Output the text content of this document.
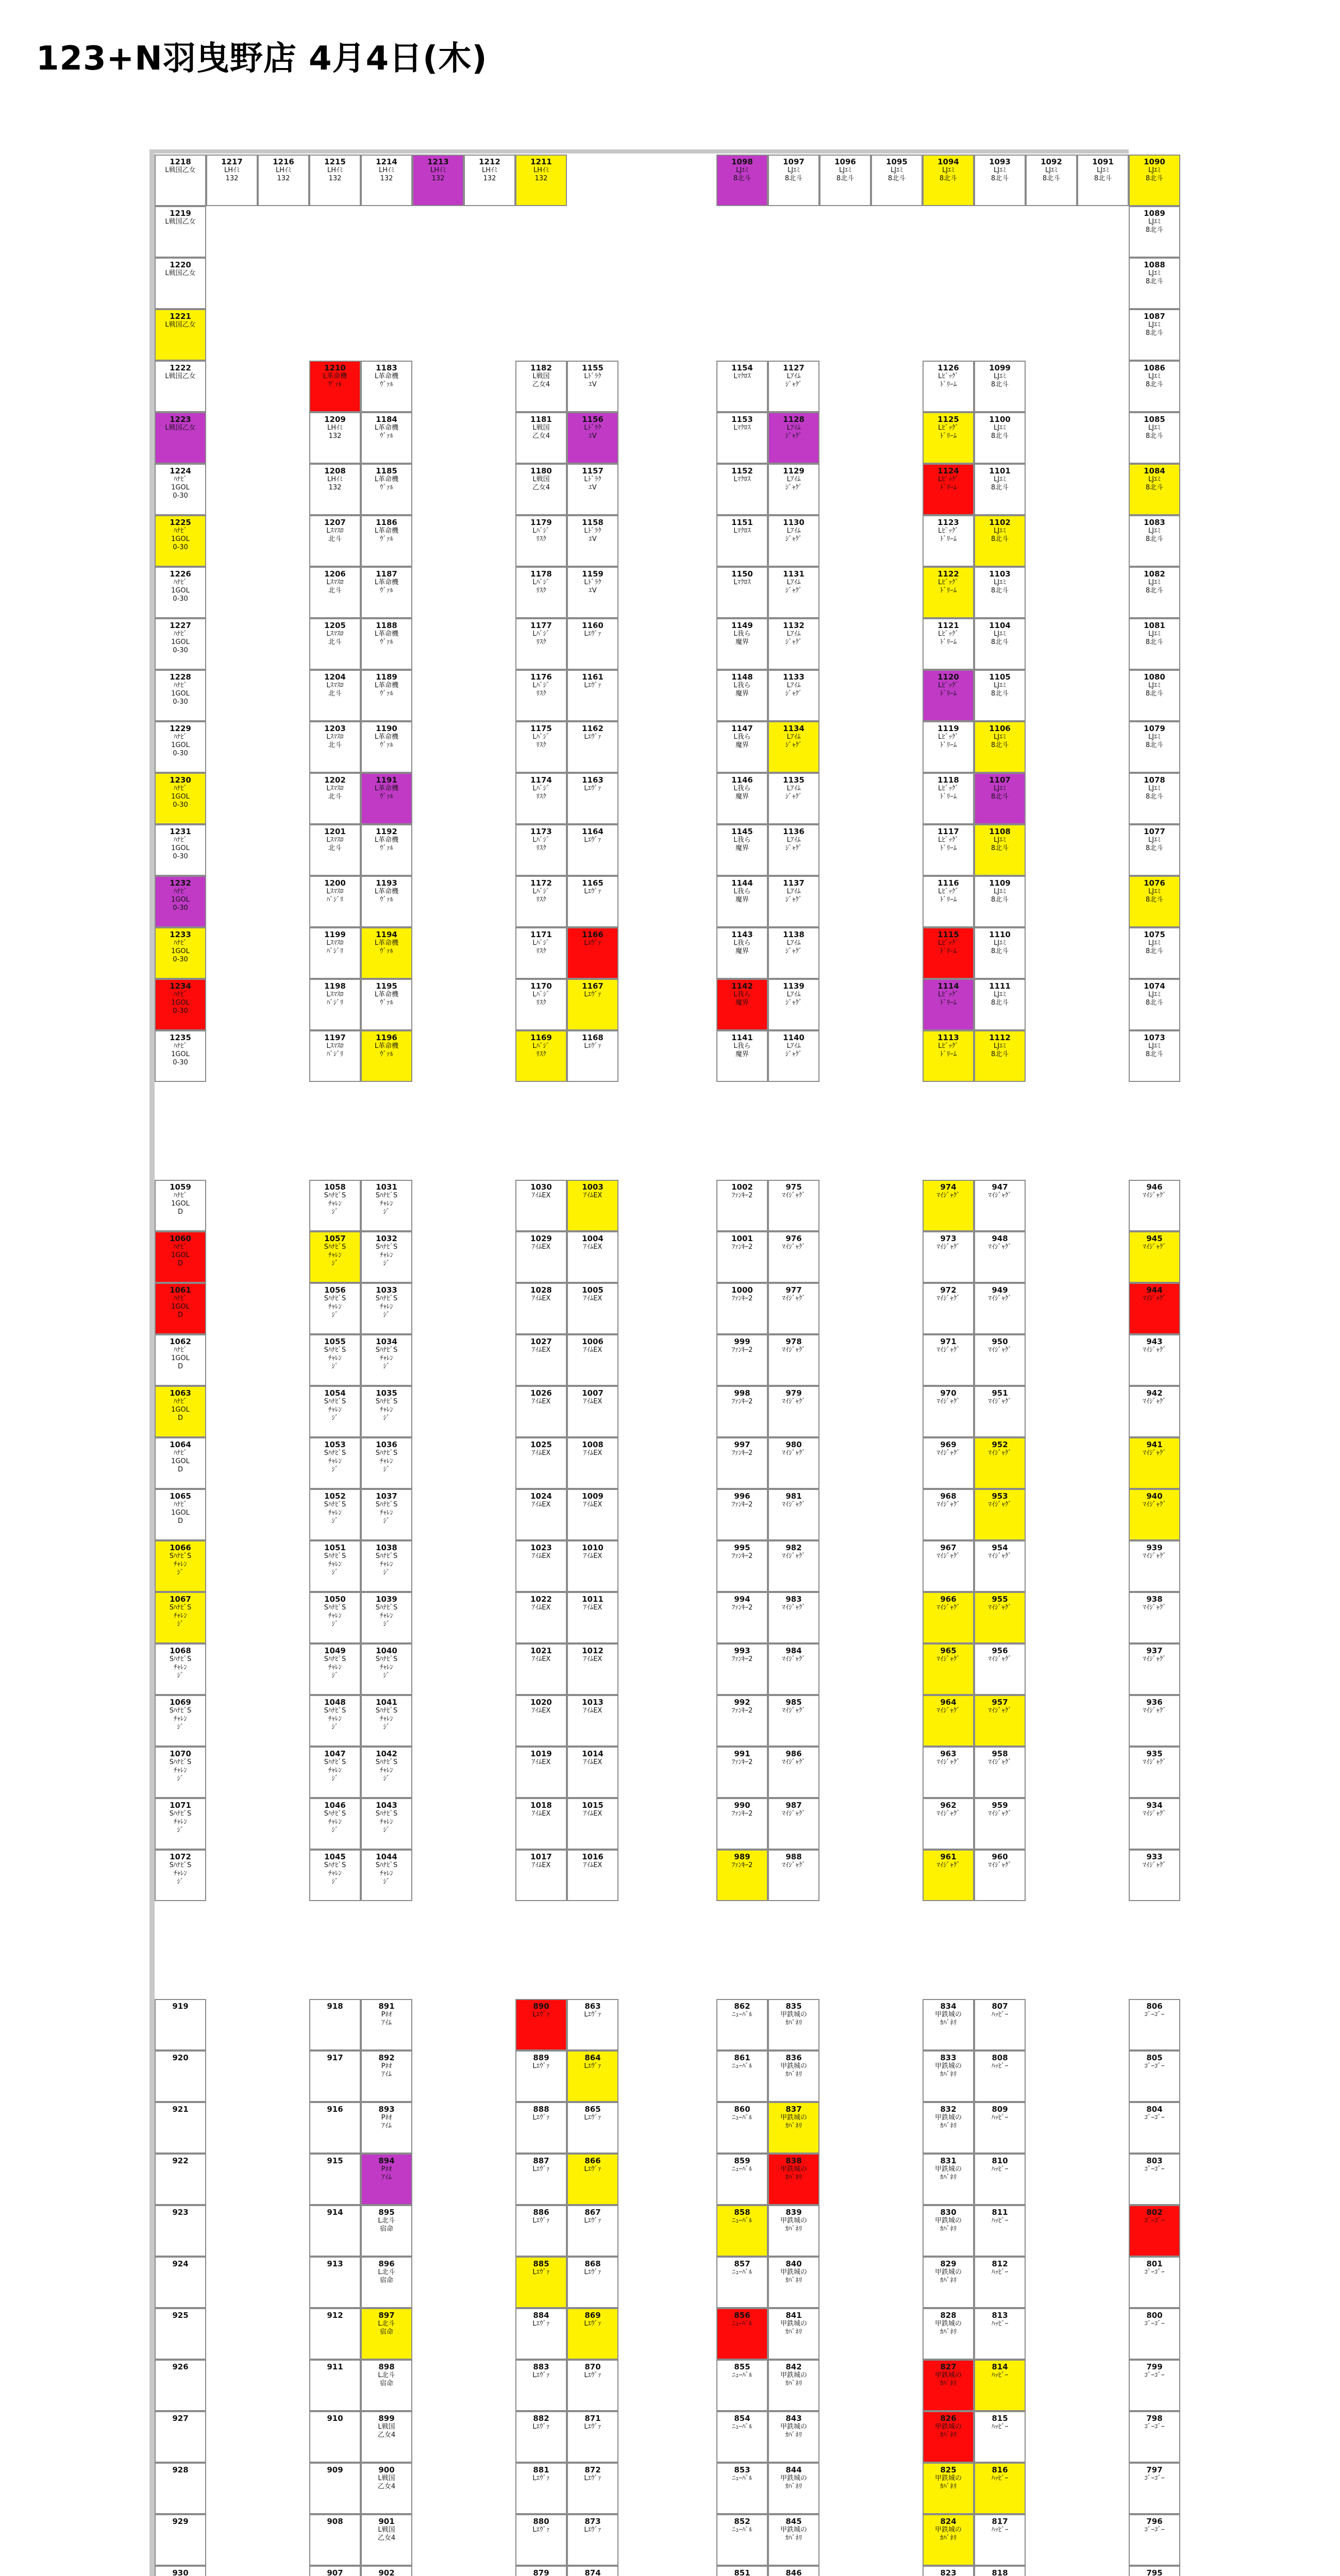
123+N羽曳野店 4月4日(木)
1218
L戦国乙女
1217
LHｲﾐ
132
1216
LHｲﾐ
132
1215
LHｲﾐ
132
1214
LHｲﾐ
132
1213
LHｲﾐ
132
1212
LHｲﾐ
132
1211
LHｲﾐ
132
1098
LJｴﾐ
8北斗
1097
LJｴﾐ
8北斗
1096
LJｴﾐ
8北斗
1095
LJｴﾐ
8北斗
1094
LJｴﾐ
8北斗
1093
LJｴﾐ
8北斗
1092
LJｴﾐ
8北斗
1091
LJｴﾐ
8北斗
1090
LJｴﾐ
8北斗
1219
L戦国乙女
1220
L戦国乙女
1221
L戦国乙女
1222
L戦国乙女
1223
L戦国乙女
1224
ﾊﾅﾋﾞ
1GOL
0-30
1225
ﾊﾅﾋﾞ
1GOL
0-30
1226
ﾊﾅﾋﾞ
1GOL
0-30
1227
ﾊﾅﾋﾞ
1GOL
0-30
1228
ﾊﾅﾋﾞ
1GOL
0-30
1229
ﾊﾅﾋﾞ
1GOL
0-30
1230
ﾊﾅﾋﾞ
1GOL
0-30
1231
ﾊﾅﾋﾞ
1GOL
0-30
1232
ﾊﾅﾋﾞ
1GOL
0-30
1233
ﾊﾅﾋﾞ
1GOL
0-30
1234
ﾊﾅﾋﾞ
1GOL
0-30
1235
ﾊﾅﾋﾞ
1GOL
0-30
1089
LJｴﾐ
8北斗
1088
LJｴﾐ
8北斗
1087
LJｴﾐ
8北斗
1086
LJｴﾐ
8北斗
1085
LJｴﾐ
8北斗
1084
LJｴﾐ
8北斗
1083
LJｴﾐ
8北斗
1082
LJｴﾐ
8北斗
1081
LJｴﾐ
8北斗
1080
LJｴﾐ
8北斗
1079
LJｴﾐ
8北斗
1078
LJｴﾐ
8北斗
1077
LJｴﾐ
8北斗
1076
LJｴﾐ
8北斗
1075
LJｴﾐ
8北斗
1074
LJｴﾐ
8北斗
1073
LJｴﾐ
8北斗
1210
L革命機
ｳﾞｧﾙ
1209
LHｲﾐ
132
1208
LHｲﾐ
132
1207
Lｽﾏｽﾛ
北斗
1206
Lｽﾏｽﾛ
北斗
1205
Lｽﾏｽﾛ
北斗
1204
Lｽﾏｽﾛ
北斗
1203
Lｽﾏｽﾛ
北斗
1202
Lｽﾏｽﾛ
北斗
1201
Lｽﾏｽﾛ
北斗
1200
Lｽﾏｽﾛ
ﾊﾞｼﾞﾘ
1199
Lｽﾏｽﾛ
ﾊﾞｼﾞﾘ
1198
Lｽﾏｽﾛ
ﾊﾞｼﾞﾘ
1197
Lｽﾏｽﾛ
ﾊﾞｼﾞﾘ
1183
L革命機
ｳﾞｧﾙ
1184
L革命機
ｳﾞｧﾙ
1185
L革命機
ｳﾞｧﾙ
1186
L革命機
ｳﾞｧﾙ
1187
L革命機
ｳﾞｧﾙ
1188
L革命機
ｳﾞｧﾙ
1189
L革命機
ｳﾞｧﾙ
1190
L革命機
ｳﾞｧﾙ
1191
L革命機
ｳﾞｧﾙ
1192
L革命機
ｳﾞｧﾙ
1193
L革命機
ｳﾞｧﾙ
1194
L革命機
ｳﾞｧﾙ
1195
L革命機
ｳﾞｧﾙ
1196
L革命機
ｳﾞｧﾙ
1182
L戦国
乙女4
1181
L戦国
乙女4
1180
L戦国
乙女4
1179
Lﾊﾞｼﾞ
ﾘｽｸ
1178
Lﾊﾞｼﾞ
ﾘｽｸ
1177
Lﾊﾞｼﾞ
ﾘｽｸ
1176
Lﾊﾞｼﾞ
ﾘｽｸ
1175
Lﾊﾞｼﾞ
ﾘｽｸ
1174
Lﾊﾞｼﾞ
ﾘｽｸ
1173
Lﾊﾞｼﾞ
ﾘｽｸ
1172
Lﾊﾞｼﾞ
ﾘｽｸ
1171
Lﾊﾞｼﾞ
ﾘｽｸ
1170
Lﾊﾞｼﾞ
ﾘｽｸ
1169
Lﾊﾞｼﾞ
ﾘｽｸ
1155
Lﾄﾞﾗｸ
ｴV
1156
Lﾄﾞﾗｸ
ｴV
1157
Lﾄﾞﾗｸ
ｴV
1158
Lﾄﾞﾗｸ
ｴV
1159
Lﾄﾞﾗｸ
ｴV
1160
Lｴｳﾞｧ
1161
Lｴｳﾞｧ
1162
Lｴｳﾞｧ
1163
Lｴｳﾞｧ
1164
Lｴｳﾞｧ
1165
Lｴｳﾞｧ
1166
Lｴｳﾞｧ
1167
Lｴｳﾞｧ
1168
Lｴｳﾞｧ
1154
Lﾏｸﾛｽ
1153
Lﾏｸﾛｽ
1152
Lﾏｸﾛｽ
1151
Lﾏｸﾛｽ
1150
Lﾏｸﾛｽ
1149
L我ら
魔界
1148
L我ら
魔界
1147
L我ら
魔界
1146
L我ら
魔界
1145
L我ら
魔界
1144
L我ら
魔界
1143
L我ら
魔界
1142
L我ら
魔界
1141
L我ら
魔界
1127
Lｱｲﾑ
ｼﾞｬｸﾞ
1128
Lｱｲﾑ
ｼﾞｬｸﾞ
1129
Lｱｲﾑ
ｼﾞｬｸﾞ
1130
Lｱｲﾑ
ｼﾞｬｸﾞ
1131
Lｱｲﾑ
ｼﾞｬｸﾞ
1132
Lｱｲﾑ
ｼﾞｬｸﾞ
1133
Lｱｲﾑ
ｼﾞｬｸﾞ
1134
Lｱｲﾑ
ｼﾞｬｸﾞ
1135
Lｱｲﾑ
ｼﾞｬｸﾞ
1136
Lｱｲﾑ
ｼﾞｬｸﾞ
1137
Lｱｲﾑ
ｼﾞｬｸﾞ
1138
Lｱｲﾑ
ｼﾞｬｸﾞ
1139
Lｱｲﾑ
ｼﾞｬｸﾞ
1140
Lｱｲﾑ
ｼﾞｬｸﾞ
1126
Lﾋﾞｯｸﾞ
ﾄﾞﾘｰﾑ
1125
Lﾋﾞｯｸﾞ
ﾄﾞﾘｰﾑ
1124
Lﾋﾞｯｸﾞ
ﾄﾞﾘｰﾑ
1123
Lﾋﾞｯｸﾞ
ﾄﾞﾘｰﾑ
1122
Lﾋﾞｯｸﾞ
ﾄﾞﾘｰﾑ
1121
Lﾋﾞｯｸﾞ
ﾄﾞﾘｰﾑ
1120
Lﾋﾞｯｸﾞ
ﾄﾞﾘｰﾑ
1119
Lﾋﾞｯｸﾞ
ﾄﾞﾘｰﾑ
1118
Lﾋﾞｯｸﾞ
ﾄﾞﾘｰﾑ
1117
Lﾋﾞｯｸﾞ
ﾄﾞﾘｰﾑ
1116
Lﾋﾞｯｸﾞ
ﾄﾞﾘｰﾑ
1115
Lﾋﾞｯｸﾞ
ﾄﾞﾘｰﾑ
1114
Lﾋﾞｯｸﾞ
ﾄﾞﾘｰﾑ
1113
Lﾋﾞｯｸﾞ
ﾄﾞﾘｰﾑ
1099
LJｴﾐ
8北斗
1100
LJｴﾐ
8北斗
1101
LJｴﾐ
8北斗
1102
LJｴﾐ
8北斗
1103
LJｴﾐ
8北斗
1104
LJｴﾐ
8北斗
1105
LJｴﾐ
8北斗
1106
LJｴﾐ
8北斗
1107
LJｴﾐ
8北斗
1108
LJｴﾐ
8北斗
1109
LJｴﾐ
8北斗
1110
LJｴﾐ
8北斗
1111
LJｴﾐ
8北斗
1112
LJｴﾐ
8北斗
1059
ﾊﾅﾋﾞ
1GOL
D
1060
ﾊﾅﾋﾞ
1GOL
D
1061
ﾊﾅﾋﾞ
1GOL
D
1062
ﾊﾅﾋﾞ
1GOL
D
1063
ﾊﾅﾋﾞ
1GOL
D
1064
ﾊﾅﾋﾞ
1GOL
D
1065
ﾊﾅﾋﾞ
1GOL
D
1066
SﾊﾅﾋﾞS
ﾁｬﾚﾝ
ｼﾞ
1067
SﾊﾅﾋﾞS
ﾁｬﾚﾝ
ｼﾞ
1068
SﾊﾅﾋﾞS
ﾁｬﾚﾝ
ｼﾞ
1069
SﾊﾅﾋﾞS
ﾁｬﾚﾝ
ｼﾞ
1070
SﾊﾅﾋﾞS
ﾁｬﾚﾝ
ｼﾞ
1071
SﾊﾅﾋﾞS
ﾁｬﾚﾝ
ｼﾞ
1072
SﾊﾅﾋﾞS
ﾁｬﾚﾝ
ｼﾞ
1058
SﾊﾅﾋﾞS
ﾁｬﾚﾝ
ｼﾞ
1057
SﾊﾅﾋﾞS
ﾁｬﾚﾝ
ｼﾞ
1056
SﾊﾅﾋﾞS
ﾁｬﾚﾝ
ｼﾞ
1055
SﾊﾅﾋﾞS
ﾁｬﾚﾝ
ｼﾞ
1054
SﾊﾅﾋﾞS
ﾁｬﾚﾝ
ｼﾞ
1053
SﾊﾅﾋﾞS
ﾁｬﾚﾝ
ｼﾞ
1052
SﾊﾅﾋﾞS
ﾁｬﾚﾝ
ｼﾞ
1051
SﾊﾅﾋﾞS
ﾁｬﾚﾝ
ｼﾞ
1050
SﾊﾅﾋﾞS
ﾁｬﾚﾝ
ｼﾞ
1049
SﾊﾅﾋﾞS
ﾁｬﾚﾝ
ｼﾞ
1048
SﾊﾅﾋﾞS
ﾁｬﾚﾝ
ｼﾞ
1047
SﾊﾅﾋﾞS
ﾁｬﾚﾝ
ｼﾞ
1046
SﾊﾅﾋﾞS
ﾁｬﾚﾝ
ｼﾞ
1045
SﾊﾅﾋﾞS
ﾁｬﾚﾝ
ｼﾞ
1031
SﾊﾅﾋﾞS
ﾁｬﾚﾝ
ｼﾞ
1032
SﾊﾅﾋﾞS
ﾁｬﾚﾝ
ｼﾞ
1033
SﾊﾅﾋﾞS
ﾁｬﾚﾝ
ｼﾞ
1034
SﾊﾅﾋﾞS
ﾁｬﾚﾝ
ｼﾞ
1035
SﾊﾅﾋﾞS
ﾁｬﾚﾝ
ｼﾞ
1036
SﾊﾅﾋﾞS
ﾁｬﾚﾝ
ｼﾞ
1037
SﾊﾅﾋﾞS
ﾁｬﾚﾝ
ｼﾞ
1038
SﾊﾅﾋﾞS
ﾁｬﾚﾝ
ｼﾞ
1039
SﾊﾅﾋﾞS
ﾁｬﾚﾝ
ｼﾞ
1040
SﾊﾅﾋﾞS
ﾁｬﾚﾝ
ｼﾞ
1041
SﾊﾅﾋﾞS
ﾁｬﾚﾝ
ｼﾞ
1042
SﾊﾅﾋﾞS
ﾁｬﾚﾝ
ｼﾞ
1043
SﾊﾅﾋﾞS
ﾁｬﾚﾝ
ｼﾞ
1044
SﾊﾅﾋﾞS
ﾁｬﾚﾝ
ｼﾞ
1030
ｱｲﾑEX
1029
ｱｲﾑEX
1028
ｱｲﾑEX
1027
ｱｲﾑEX
1026
ｱｲﾑEX
1025
ｱｲﾑEX
1024
ｱｲﾑEX
1023
ｱｲﾑEX
1022
ｱｲﾑEX
1021
ｱｲﾑEX
1020
ｱｲﾑEX
1019
ｱｲﾑEX
1018
ｱｲﾑEX
1017
ｱｲﾑEX
1003
ｱｲﾑEX
1004
ｱｲﾑEX
1005
ｱｲﾑEX
1006
ｱｲﾑEX
1007
ｱｲﾑEX
1008
ｱｲﾑEX
1009
ｱｲﾑEX
1010
ｱｲﾑEX
1011
ｱｲﾑEX
1012
ｱｲﾑEX
1013
ｱｲﾑEX
1014
ｱｲﾑEX
1015
ｱｲﾑEX
1016
ｱｲﾑEX
1002
ﾌｧﾝｷｰ2
1001
ﾌｧﾝｷｰ2
1000
ﾌｧﾝｷｰ2
999
ﾌｧﾝｷｰ2
998
ﾌｧﾝｷｰ2
997
ﾌｧﾝｷｰ2
996
ﾌｧﾝｷｰ2
995
ﾌｧﾝｷｰ2
994
ﾌｧﾝｷｰ2
993
ﾌｧﾝｷｰ2
992
ﾌｧﾝｷｰ2
991
ﾌｧﾝｷｰ2
990
ﾌｧﾝｷｰ2
989
ﾌｧﾝｷｰ2
975
ﾏｲｼﾞｬｸﾞ
976
ﾏｲｼﾞｬｸﾞ
977
ﾏｲｼﾞｬｸﾞ
978
ﾏｲｼﾞｬｸﾞ
979
ﾏｲｼﾞｬｸﾞ
980
ﾏｲｼﾞｬｸﾞ
981
ﾏｲｼﾞｬｸﾞ
982
ﾏｲｼﾞｬｸﾞ
983
ﾏｲｼﾞｬｸﾞ
984
ﾏｲｼﾞｬｸﾞ
985
ﾏｲｼﾞｬｸﾞ
986
ﾏｲｼﾞｬｸﾞ
987
ﾏｲｼﾞｬｸﾞ
988
ﾏｲｼﾞｬｸﾞ
974
ﾏｲｼﾞｬｸﾞ
973
ﾏｲｼﾞｬｸﾞ
972
ﾏｲｼﾞｬｸﾞ
971
ﾏｲｼﾞｬｸﾞ
970
ﾏｲｼﾞｬｸﾞ
969
ﾏｲｼﾞｬｸﾞ
968
ﾏｲｼﾞｬｸﾞ
967
ﾏｲｼﾞｬｸﾞ
966
ﾏｲｼﾞｬｸﾞ
965
ﾏｲｼﾞｬｸﾞ
964
ﾏｲｼﾞｬｸﾞ
963
ﾏｲｼﾞｬｸﾞ
962
ﾏｲｼﾞｬｸﾞ
961
ﾏｲｼﾞｬｸﾞ
947
ﾏｲｼﾞｬｸﾞ
948
ﾏｲｼﾞｬｸﾞ
949
ﾏｲｼﾞｬｸﾞ
950
ﾏｲｼﾞｬｸﾞ
951
ﾏｲｼﾞｬｸﾞ
952
ﾏｲｼﾞｬｸﾞ
953
ﾏｲｼﾞｬｸﾞ
954
ﾏｲｼﾞｬｸﾞ
955
ﾏｲｼﾞｬｸﾞ
956
ﾏｲｼﾞｬｸﾞ
957
ﾏｲｼﾞｬｸﾞ
958
ﾏｲｼﾞｬｸﾞ
959
ﾏｲｼﾞｬｸﾞ
960
ﾏｲｼﾞｬｸﾞ
946
ﾏｲｼﾞｬｸﾞ
945
ﾏｲｼﾞｬｸﾞ
944
ﾏｲｼﾞｬｸﾞ
943
ﾏｲｼﾞｬｸﾞ
942
ﾏｲｼﾞｬｸﾞ
941
ﾏｲｼﾞｬｸﾞ
940
ﾏｲｼﾞｬｸﾞ
939
ﾏｲｼﾞｬｸﾞ
938
ﾏｲｼﾞｬｸﾞ
937
ﾏｲｼﾞｬｸﾞ
936
ﾏｲｼﾞｬｸﾞ
935
ﾏｲｼﾞｬｸﾞ
934
ﾏｲｼﾞｬｸﾞ
933
ﾏｲｼﾞｬｸﾞ
919
920
921
922
923
924
925
926
927
928
929
930
918
917
916
915
914
913
912
911
910
909
908
907
891
Pﾈｵ
ｱｲﾑ
892
Pﾈｵ
ｱｲﾑ
893
Pﾈｵ
ｱｲﾑ
894
Pﾈｵ
ｱｲﾑ
895
L北斗
宿命
896
L北斗
宿命
897
L北斗
宿命
898
L北斗
宿命
899
L戦国
乙女4
900
L戦国
乙女4
901
L戦国
乙女4
902
890
Lｴｳﾞｧ
889
Lｴｳﾞｧ
888
Lｴｳﾞｧ
887
Lｴｳﾞｧ
886
Lｴｳﾞｧ
885
Lｴｳﾞｧ
884
Lｴｳﾞｧ
883
Lｴｳﾞｧ
882
Lｴｳﾞｧ
881
Lｴｳﾞｧ
880
Lｴｳﾞｧ
879
863
Lｴｳﾞｧ
864
Lｴｳﾞｧ
865
Lｴｳﾞｧ
866
Lｴｳﾞｧ
867
Lｴｳﾞｧ
868
Lｴｳﾞｧ
869
Lｴｳﾞｧ
870
Lｴｳﾞｧ
871
Lｴｳﾞｧ
872
Lｴｳﾞｧ
873
Lｴｳﾞｧ
874
862
ﾆｭｰﾊﾟﾙ
861
ﾆｭｰﾊﾟﾙ
860
ﾆｭｰﾊﾟﾙ
859
ﾆｭｰﾊﾟﾙ
858
ﾆｭｰﾊﾟﾙ
857
ﾆｭｰﾊﾟﾙ
856
ﾆｭｰﾊﾟﾙ
855
ﾆｭｰﾊﾟﾙ
854
ﾆｭｰﾊﾟﾙ
853
ﾆｭｰﾊﾟﾙ
852
ﾆｭｰﾊﾟﾙ
851
835
甲鉄城の
ｶﾊﾞﾈﾘ
836
甲鉄城の
ｶﾊﾞﾈﾘ
837
甲鉄城の
ｶﾊﾞﾈﾘ
838
甲鉄城の
ｶﾊﾞﾈﾘ
839
甲鉄城の
ｶﾊﾞﾈﾘ
840
甲鉄城の
ｶﾊﾞﾈﾘ
841
甲鉄城の
ｶﾊﾞﾈﾘ
842
甲鉄城の
ｶﾊﾞﾈﾘ
843
甲鉄城の
ｶﾊﾞﾈﾘ
844
甲鉄城の
ｶﾊﾞﾈﾘ
845
甲鉄城の
ｶﾊﾞﾈﾘ
846
834
甲鉄城の
ｶﾊﾞﾈﾘ
833
甲鉄城の
ｶﾊﾞﾈﾘ
832
甲鉄城の
ｶﾊﾞﾈﾘ
831
甲鉄城の
ｶﾊﾞﾈﾘ
830
甲鉄城の
ｶﾊﾞﾈﾘ
829
甲鉄城の
ｶﾊﾞﾈﾘ
828
甲鉄城の
ｶﾊﾞﾈﾘ
827
甲鉄城の
ｶﾊﾞﾈﾘ
826
甲鉄城の
ｶﾊﾞﾈﾘ
825
甲鉄城の
ｶﾊﾞﾈﾘ
824
甲鉄城の
ｶﾊﾞﾈﾘ
823
807
ﾊｯﾋﾟｰ
808
ﾊｯﾋﾟｰ
809
ﾊｯﾋﾟｰ
810
ﾊｯﾋﾟｰ
811
ﾊｯﾋﾟｰ
812
ﾊｯﾋﾟｰ
813
ﾊｯﾋﾟｰ
814
ﾊｯﾋﾟｰ
815
ﾊｯﾋﾟｰ
816
ﾊｯﾋﾟｰ
817
ﾊｯﾋﾟｰ
818
806
ｺﾞｰｺﾞｰ
805
ｺﾞｰｺﾞｰ
804
ｺﾞｰｺﾞｰ
803
ｺﾞｰｺﾞｰ
802
ｺﾞｰｺﾞｰ
801
ｺﾞｰｺﾞｰ
800
ｺﾞｰｺﾞｰ
799
ｺﾞｰｺﾞｰ
798
ｺﾞｰｺﾞｰ
797
ｺﾞｰｺﾞｰ
796
ｺﾞｰｺﾞｰ
795
